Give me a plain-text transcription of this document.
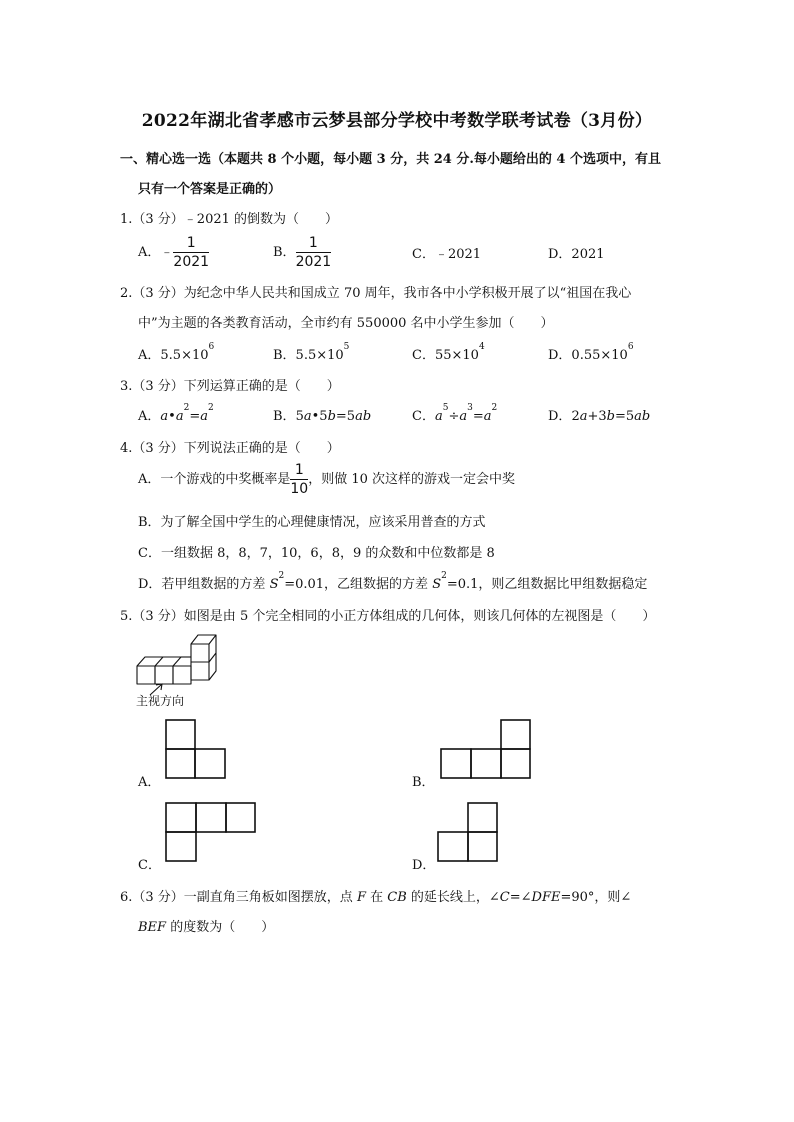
2022年湖北省孝感市云梦县部分学校中考数学联考试卷（3月份）
一、精心选一选（本题共 8 个小题，每小题 3 分，共 24 分.每小题给出的 4 个选项中，有且
只有一个答案是正确的）
1.（3 分）﹣2021 的倒数为（　　）
A．﹣ $\frac{1}{2021}$	B． $\frac{1}{2021}$	C．﹣2021	D．2021
2.（3 分）为纪念中华人民共和国成立 70 周年，我市各中小学积极开展了以“祖国在我心
中”为主题的各类教育活动，全市约有 550000 名中小学生参加（　　）
A．$5.5\times 10^6$
B．$5.5\times 10^5$
C．$55\times 10^4$
D．$0.55\times 10^6$
3.（3 分）下列运算正确的是（　　）
A．$a•a^2=a^2$
B．5a•5b=5ab	C．$a^5\div a^3=a^2$
D．2a+3b=5ab
4.（3 分）下列说法正确的是（　　）
A．一个游戏的中奖概率是 $\frac{1}{10}$ ，则做 10 次这样的游戏一定会中奖
B．为了解全国中学生的心理健康情况，应该采用普查的方式
C．一组数据 8，8，7，10，6，8，9 的众数和中位数都是 8
D．若甲组数据的方差 $S^2=0.01$，乙组数据的方差 $S^2=0.1$，则乙组数据比甲组数据稳定
5.（3 分）如图是由 5 个完全相同的小正方体组成的几何体，则该几何体的左视图是（　　）
主视方向
A．	B．
C．	D．
6.（3 分）一副直角三角板如图摆放，点 F 在 CB 的延长线上，∠C=∠DFE=90°，则∠
BEF 的度数为（　　）
